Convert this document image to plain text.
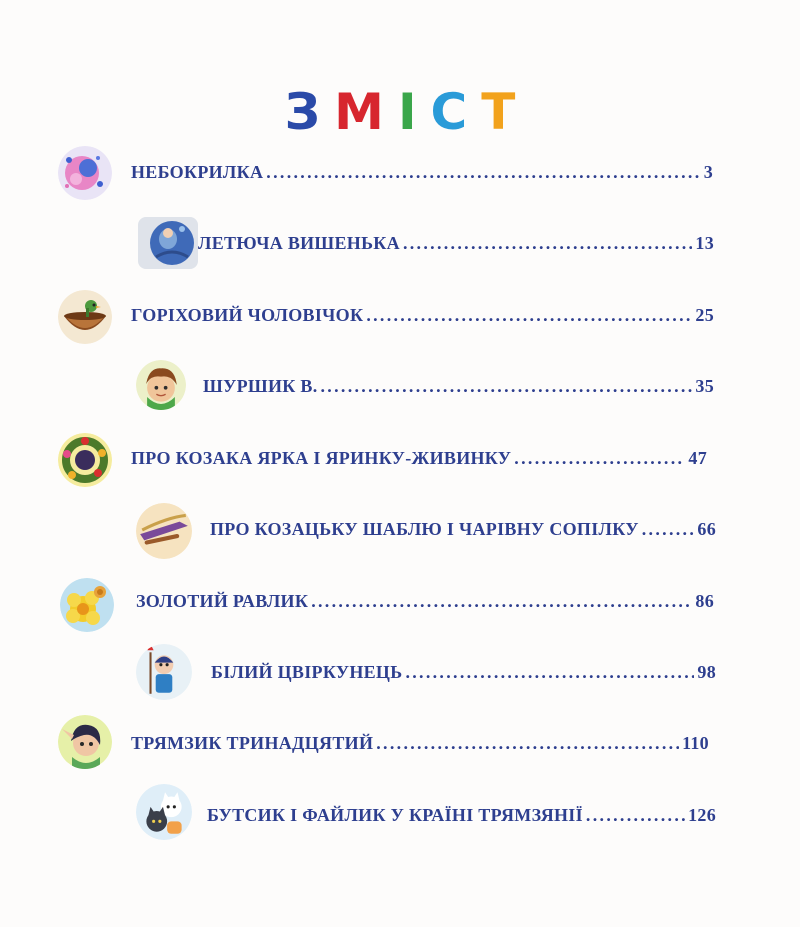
З М І С Т
НЕБОКРИЛКА .....	3
ЛЕТЮЧА ВИШЕНЬКА .....	13
ГОРІХОВИЙ ЧОЛОВІЧОК .....	25
ШУРШИК В. .....	35
ПРО КОЗАКА ЯРКА І ЯРИНКУ-ЖИВИНКУ .....	47
ПРО КОЗАЦЬКУ ШАБЛЮ І ЧАРІВНУ СОПІЛКУ .....	66
ЗОЛОТИЙ РАВЛИК .....	86
БІЛИЙ ЦВІРКУНЕЦЬ .....	98
ТРЯМЗИК ТРИНАДЦЯТИЙ .....	110
БУТСИК І ФАЙЛИК У КРАЇНІ ТРЯМЗЯНІЇ .....	126
